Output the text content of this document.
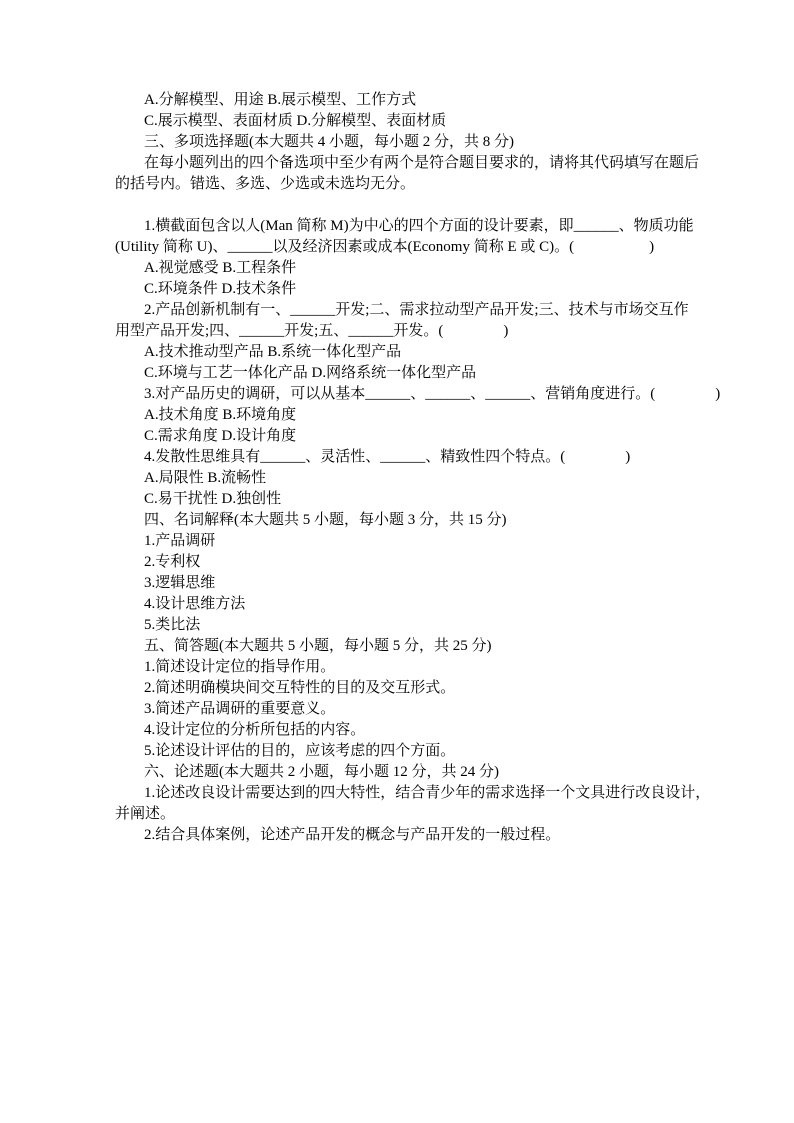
A.分解模型、用途 B.展示模型、工作方式
C.展示模型、表面材质 D.分解模型、表面材质
三、多项选择题(本大题共 4 小题，每小题 2 分，共 8 分)
在每小题列出的四个备选项中至少有两个是符合题目要求的，请将其代码填写在题后
的括号内。错选、多选、少选或未选均无分。
1.横截面包含以人(Man 简称 M)为中心的四个方面的设计要素，即______、物质功能
(Utility 简称 U)、______以及经济因素或成本(Economy 简称 E 或 C)。(　　　　　)
A.视觉感受 B.工程条件
C.环境条件 D.技术条件
2.产品创新机制有一、______开发;二、需求拉动型产品开发;三、技术与市场交互作
用型产品开发;四、______开发;五、______开发。(　　　　)
A.技术推动型产品 B.系统一体化型产品
C.环境与工艺一体化产品 D.网络系统一体化型产品
3.对产品历史的调研，可以从基本______、______、______、营销角度进行。(　　　　)
A.技术角度 B.环境角度
C.需求角度 D.设计角度
4.发散性思维具有______、灵活性、______、精致性四个特点。(　　　　)
A.局限性 B.流畅性
C.易干扰性 D.独创性
四、名词解释(本大题共 5 小题，每小题 3 分，共 15 分)
1.产品调研
2.专利权
3.逻辑思维
4.设计思维方法
5.类比法
五、简答题(本大题共 5 小题，每小题 5 分，共 25 分)
1.简述设计定位的指导作用。
2.简述明确模块间交互特性的目的及交互形式。
3.简述产品调研的重要意义。
4.设计定位的分析所包括的内容。
5.论述设计评估的目的，应该考虑的四个方面。
六、论述题(本大题共 2 小题，每小题 12 分，共 24 分)
1.论述改良设计需要达到的四大特性，结合青少年的需求选择一个文具进行改良设计，
并阐述。
2.结合具体案例，论述产品开发的概念与产品开发的一般过程。
